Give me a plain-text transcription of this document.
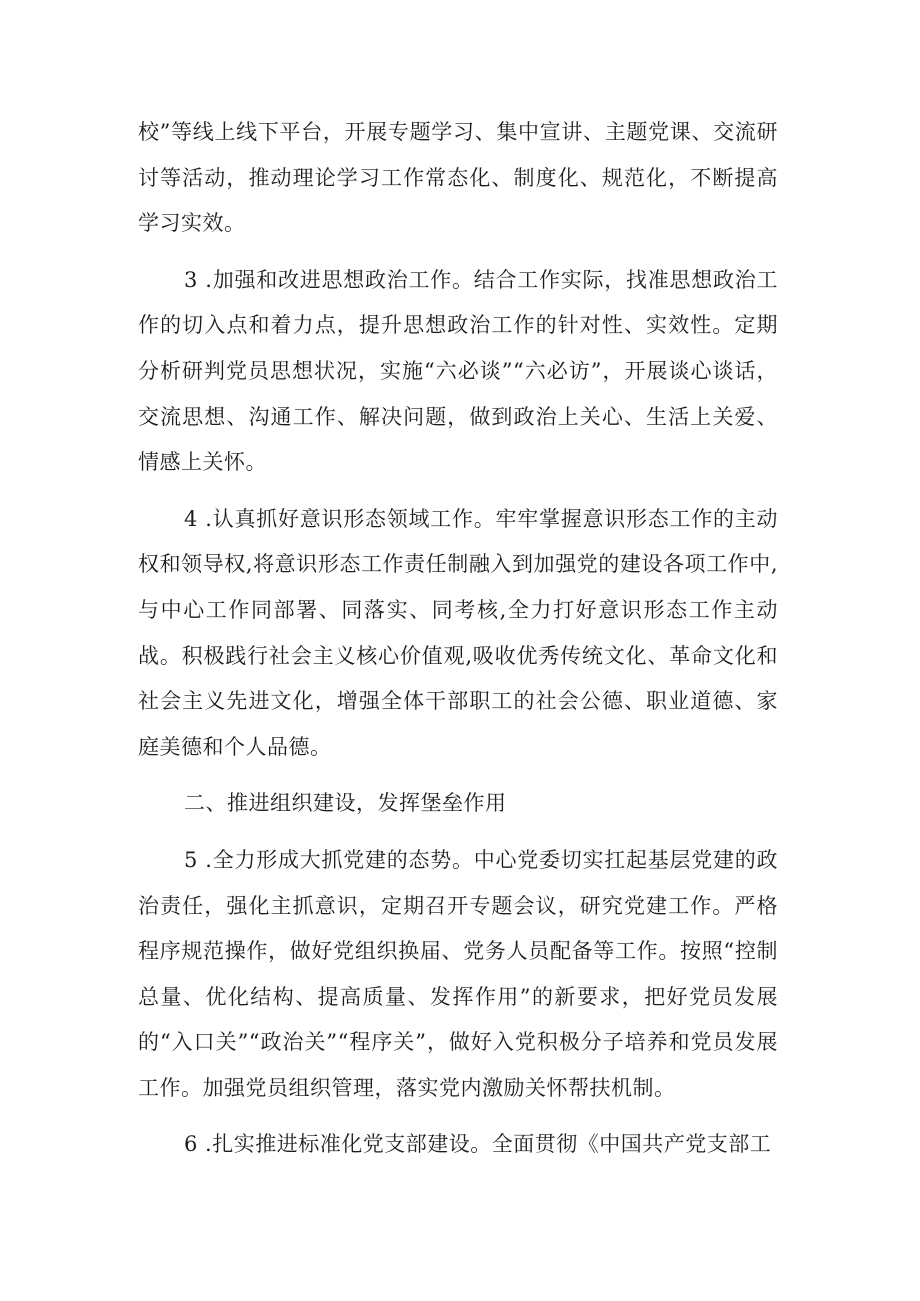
校”等线上线下平台，开展专题学习、集中宣讲、主题党课、交流研讨等活动，推动理论学习工作常态化、制度化、规范化，不断提高学习实效。

3 .加强和改进思想政治工作。结合工作实际，找准思想政治工作的切入点和着力点，提升思想政治工作的针对性、实效性。定期分析研判党员思想状况，实施“六必谈”“六必访”，开展谈心谈话，交流思想、沟通工作、解决问题，做到政治上关心、生活上关爱、情感上关怀。

4 .认真抓好意识形态领域工作。牢牢掌握意识形态工作的主动权和领导权,将意识形态工作责任制融入到加强党的建设各项工作中,与中心工作同部署、同落实、同考核,全力打好意识形态工作主动战。积极践行社会主义核心价值观,吸收优秀传统文化、革命文化和社会主义先进文化，增强全体干部职工的社会公德、职业道德、家庭美德和个人品德。

二、推进组织建设，发挥堡垒作用

5 .全力形成大抓党建的态势。中心党委切实扛起基层党建的政治责任，强化主抓意识，定期召开专题会议，研究党建工作。严格程序规范操作，做好党组织换届、党务人员配备等工作。按照“控制总量、优化结构、提高质量、发挥作用”的新要求，把好党员发展的“入口关”“政治关”“程序关”，做好入党积极分子培养和党员发展工作。加强党员组织管理，落实党内激励关怀帮扶机制。

6 .扎实推进标准化党支部建设。全面贯彻《中国共产党支部工
